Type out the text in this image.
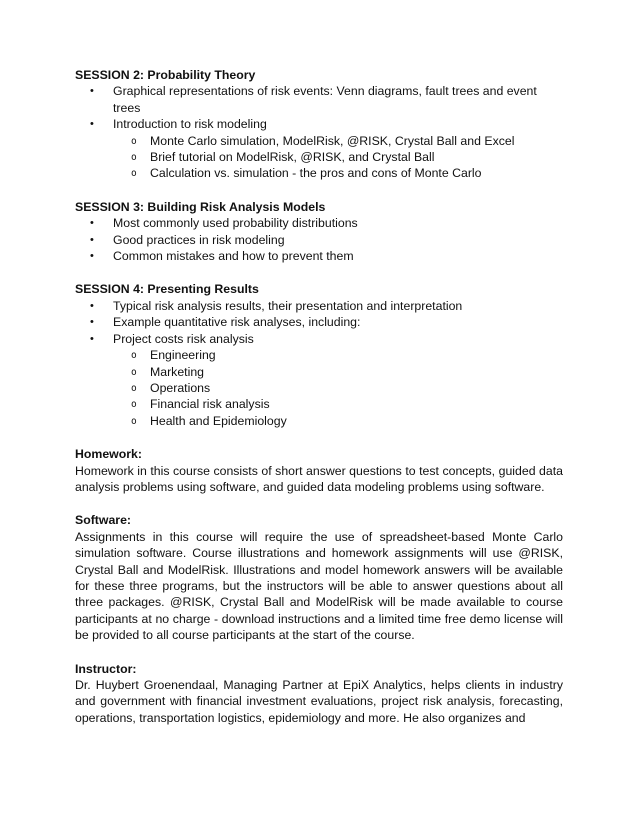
SESSION 2: Probability Theory
• Graphical representations of risk events: Venn diagrams, fault trees and event trees
• Introduction to risk modeling
o Monte Carlo simulation, ModelRisk, @RISK, Crystal Ball and Excel
o Brief tutorial on ModelRisk, @RISK, and Crystal Ball
o Calculation vs. simulation - the pros and cons of Monte Carlo
SESSION 3: Building Risk Analysis Models
• Most commonly used probability distributions
• Good practices in risk modeling
• Common mistakes and how to prevent them
SESSION 4: Presenting Results
• Typical risk analysis results, their presentation and interpretation
• Example quantitative risk analyses, including:
• Project costs risk analysis
o Engineering
o Marketing
o Operations
o Financial risk analysis
o Health and Epidemiology
Homework:

Homework in this course consists of short answer questions to test concepts, guided data analysis problems using software, and guided data modeling problems using software.

Software:

Assignments in this course will require the use of spreadsheet-based Monte Carlo simulation software. Course illustrations and homework assignments will use @RISK, Crystal Ball and ModelRisk. Illustrations and model homework answers will be available for these three programs, but the instructors will be able to answer questions about all three packages. @RISK, Crystal Ball and ModelRisk will be made available to course participants at no charge - download instructions and a limited time free demo license will be provided to all course participants at the start of the course.

Instructor:

Dr. Huybert Groenendaal, Managing Partner at EpiX Analytics, helps clients in industry and government with financial investment evaluations, project risk analysis, forecasting, operations, transportation logistics, epidemiology and more. He also organizes and
